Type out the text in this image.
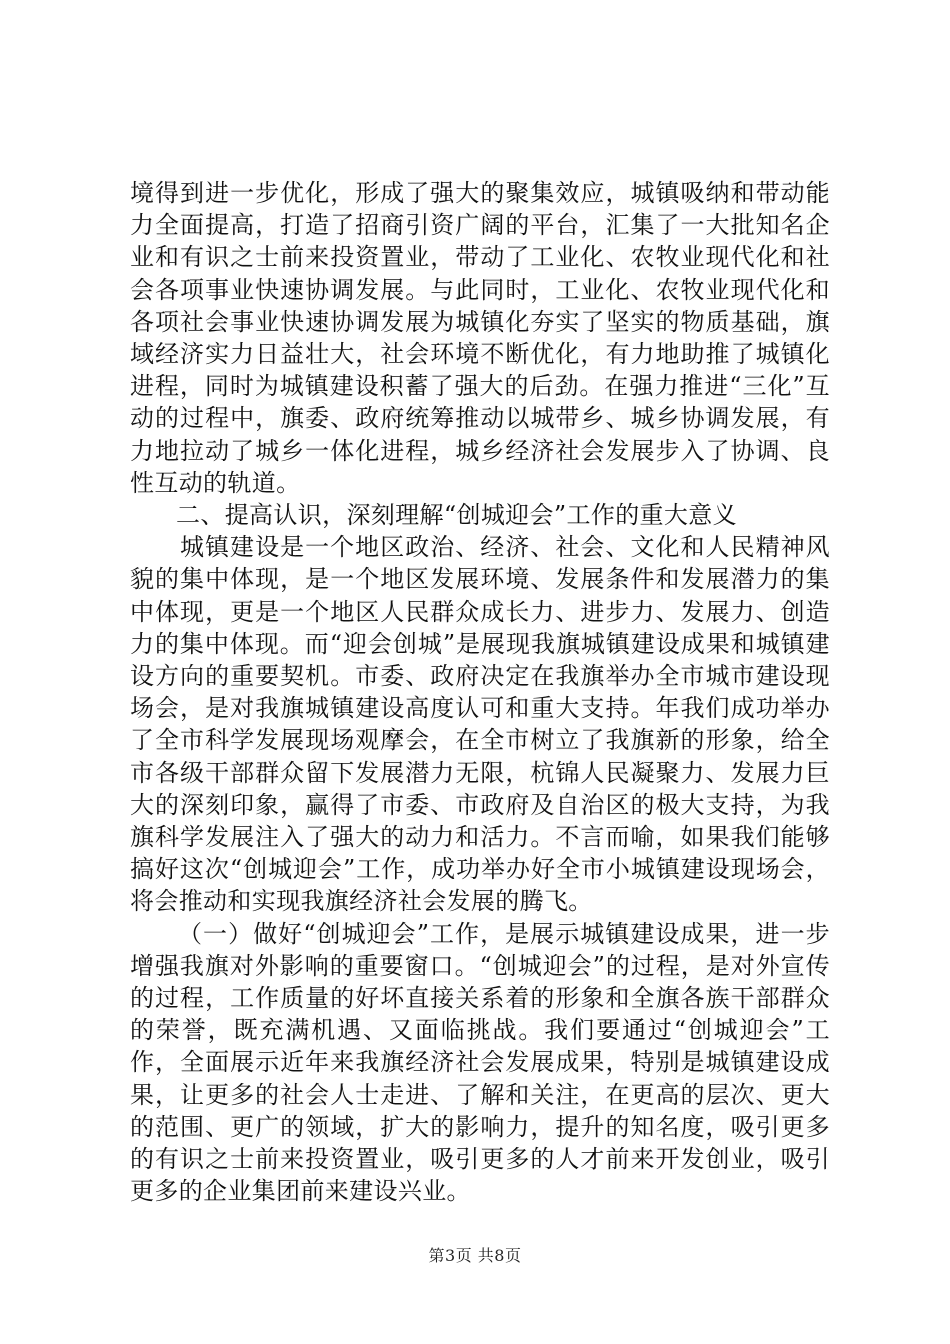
境得到进一步优化，形成了强大的聚集效应，城镇吸纳和带动能力全面提高，打造了招商引资广阔的平台，汇集了一大批知名企业和有识之士前来投资置业，带动了工业化、农牧业现代化和社会各项事业快速协调发展。与此同时，工业化、农牧业现代化和各项社会事业快速协调发展为城镇化夯实了坚实的物质基础，旗域经济实力日益壮大，社会环境不断优化，有力地助推了城镇化进程，同时为城镇建设积蓄了强大的后劲。在强力推进“三化”互动的过程中，旗委、政府统筹推动以城带乡、城乡协调发展，有力地拉动了城乡一体化进程，城乡经济社会发展步入了协调、良性互动的轨道。

二、提高认识，深刻理解“创城迎会”工作的重大意义

城镇建设是一个地区政治、经济、社会、文化和人民精神风貌的集中体现，是一个地区发展环境、发展条件和发展潜力的集中体现，更是一个地区人民群众成长力、进步力、发展力、创造力的集中体现。而“迎会创城”是展现我旗城镇建设成果和城镇建设方向的重要契机。市委、政府决定在我旗举办全市城市建设现场会，是对我旗城镇建设高度认可和重大支持。年我们成功举办了全市科学发展现场观摩会，在全市树立了我旗新的形象，给全市各级干部群众留下发展潜力无限，杭锦人民凝聚力、发展力巨大的深刻印象，赢得了市委、市政府及自治区的极大支持，为我旗科学发展注入了强大的动力和活力。不言而喻，如果我们能够搞好这次“创城迎会”工作，成功举办好全市小城镇建设现场会，将会推动和实现我旗经济社会发展的腾飞。

（一）做好“创城迎会”工作，是展示城镇建设成果，进一步增强我旗对外影响的重要窗口。“创城迎会”的过程，是对外宣传的过程，工作质量的好坏直接关系着的形象和全旗各族干部群众的荣誉，既充满机遇、又面临挑战。我们要通过“创城迎会”工作，全面展示近年来我旗经济社会发展成果，特别是城镇建设成果，让更多的社会人士走进、了解和关注，在更高的层次、更大的范围、更广的领域，扩大的影响力，提升的知名度，吸引更多的有识之士前来投资置业，吸引更多的人才前来开发创业，吸引更多的企业集团前来建设兴业。

第3页 共8页
